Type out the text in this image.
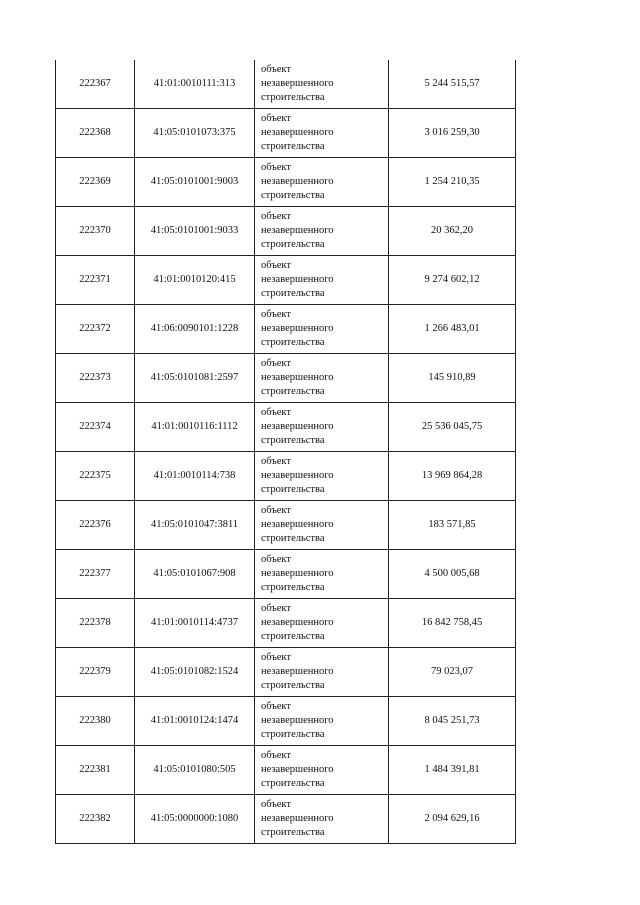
222367	41:01:0010111:313	объект
незавершенного
строительства	5 244 515,57
222368	41:05:0101073:375	объект
незавершенного
строительства	3 016 259,30
222369	41:05:0101001:9003	объект
незавершенного
строительства	1 254 210,35
222370	41:05:0101001:9033	объект
незавершенного
строительства	20 362,20
222371	41:01:0010120:415	объект
незавершенного
строительства	9 274 602,12
222372	41:06:0090101:1228	объект
незавершенного
строительства	1 266 483,01
222373	41:05:0101081:2597	объект
незавершенного
строительства	145 910,89
222374	41:01:0010116:1112	объект
незавершенного
строительства	25 536 045,75
222375	41:01:0010114:738	объект
незавершенного
строительства	13 969 864,28
222376	41:05:0101047:3811	объект
незавершенного
строительства	183 571,85
222377	41:05:0101067:908	объект
незавершенного
строительства	4 500 005,68
222378	41:01:0010114:4737	объект
незавершенного
строительства	16 842 758,45
222379	41:05:0101082:1524	объект
незавершенного
строительства	79 023,07
222380	41:01:0010124:1474	объект
незавершенного
строительства	8 045 251,73
222381	41:05:0101080:505	объект
незавершенного
строительства	1 484 391,81
222382	41:05:0000000:1080	объект
незавершенного
строительства	2 094 629,16
